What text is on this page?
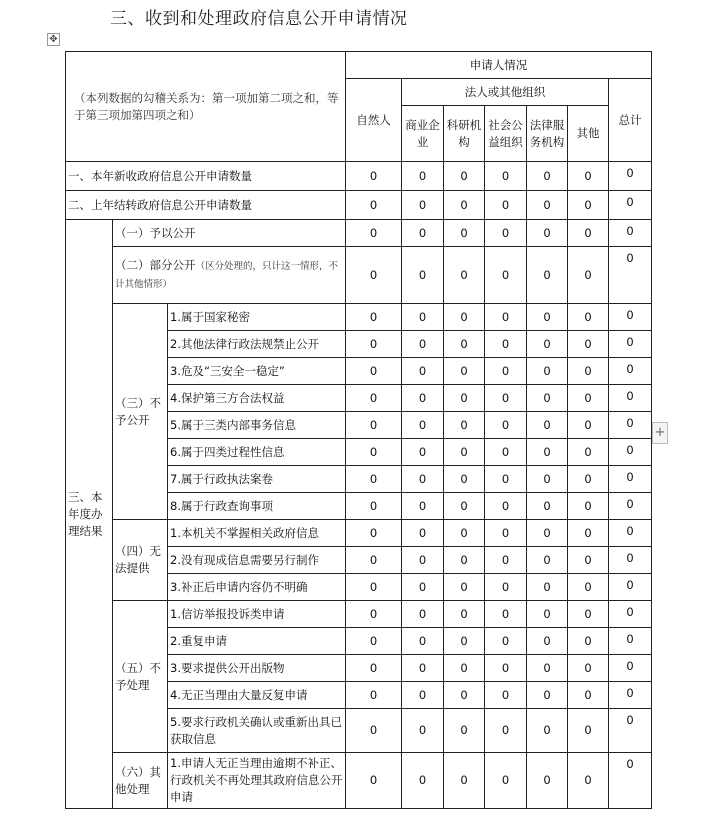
三、收到和处理政府信息公开申请情况
✥
+
（本列数据的勾稽关系为：第一项加第二项之和，等于第三项加第四项之和）			申请人情况						
			自然人	法人或其他组织					总计
				商业企业	科研机构	社会公益组织	法律服务机构	其他	
一、本年新收政府信息公开申请数量			0	0	0	0	0	0	0
二、上年结转政府信息公开申请数量			0	0	0	0	0	0	0
三、本年度办理结果	（一）予以公开		0	0	0	0	0	0	0
	（二）部分公开（区分处理的，只计这一情形，不计其他情形）		0	0	0	0	0	0	0
	（三）不予公开	1.属于国家秘密	0	0	0	0	0	0	0
		2.其他法律行政法规禁止公开	0	0	0	0	0	0	0
		3.危及“三安全一稳定”	0	0	0	0	0	0	0
		4.保护第三方合法权益	0	0	0	0	0	0	0
		5.属于三类内部事务信息	0	0	0	0	0	0	0
		6.属于四类过程性信息	0	0	0	0	0	0	0
		7.属于行政执法案卷	0	0	0	0	0	0	0
		8.属于行政查询事项	0	0	0	0	0	0	0
	（四）无法提供	1.本机关不掌握相关政府信息	0	0	0	0	0	0	0
		2.没有现成信息需要另行制作	0	0	0	0	0	0	0
		3.补正后申请内容仍不明确	0	0	0	0	0	0	0
	（五）不予处理	1.信访举报投诉类申请	0	0	0	0	0	0	0
		2.重复申请	0	0	0	0	0	0	0
		3.要求提供公开出版物	0	0	0	0	0	0	0
		4.无正当理由大量反复申请	0	0	0	0	0	0	0
		5.要求行政机关确认或重新出具已获取信息	0	0	0	0	0	0	0
	（六）其他处理	1.申请人无正当理由逾期不补正、行政机关不再处理其政府信息公开申请	0	0	0	0	0	0	0
